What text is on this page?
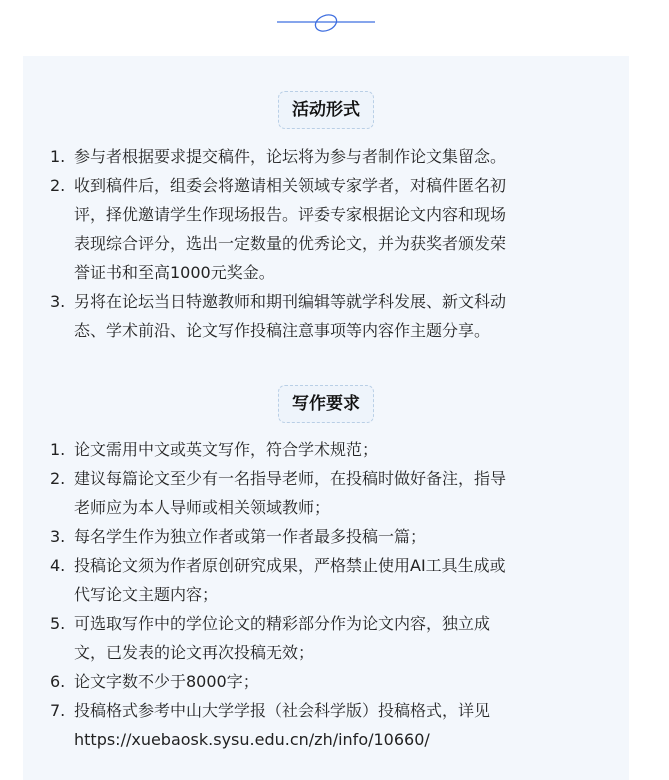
活动形式
1. 参与者根据要求提交稿件，论坛将为参与者制作论文集留念。
2. 收到稿件后，组委会将邀请相关领域专家学者，对稿件匿名初
评，择优邀请学生作现场报告。评委专家根据论文内容和现场
表现综合评分，选出一定数量的优秀论文，并为获奖者颁发荣
誉证书和至高1000元奖金。
3. 另将在论坛当日特邀教师和期刊编辑等就学科发展、新文科动
态、学术前沿、论文写作投稿注意事项等内容作主题分享。
写作要求
1. 论文需用中文或英文写作，符合学术规范；
2. 建议每篇论文至少有一名指导老师，在投稿时做好备注，指导
老师应为本人导师或相关领域教师；
3. 每名学生作为独立作者或第一作者最多投稿一篇；
4. 投稿论文须为作者原创研究成果，严格禁止使用AI工具生成或
代写论文主题内容；
5. 可选取写作中的学位论文的精彩部分作为论文内容，独立成
文，已发表的论文再次投稿无效；
6. 论文字数不少于8000字；
7. 投稿格式参考中山大学学报（社会科学版）投稿格式，详见
https://xuebaosk.sysu.edu.cn/zh/info/10660/
